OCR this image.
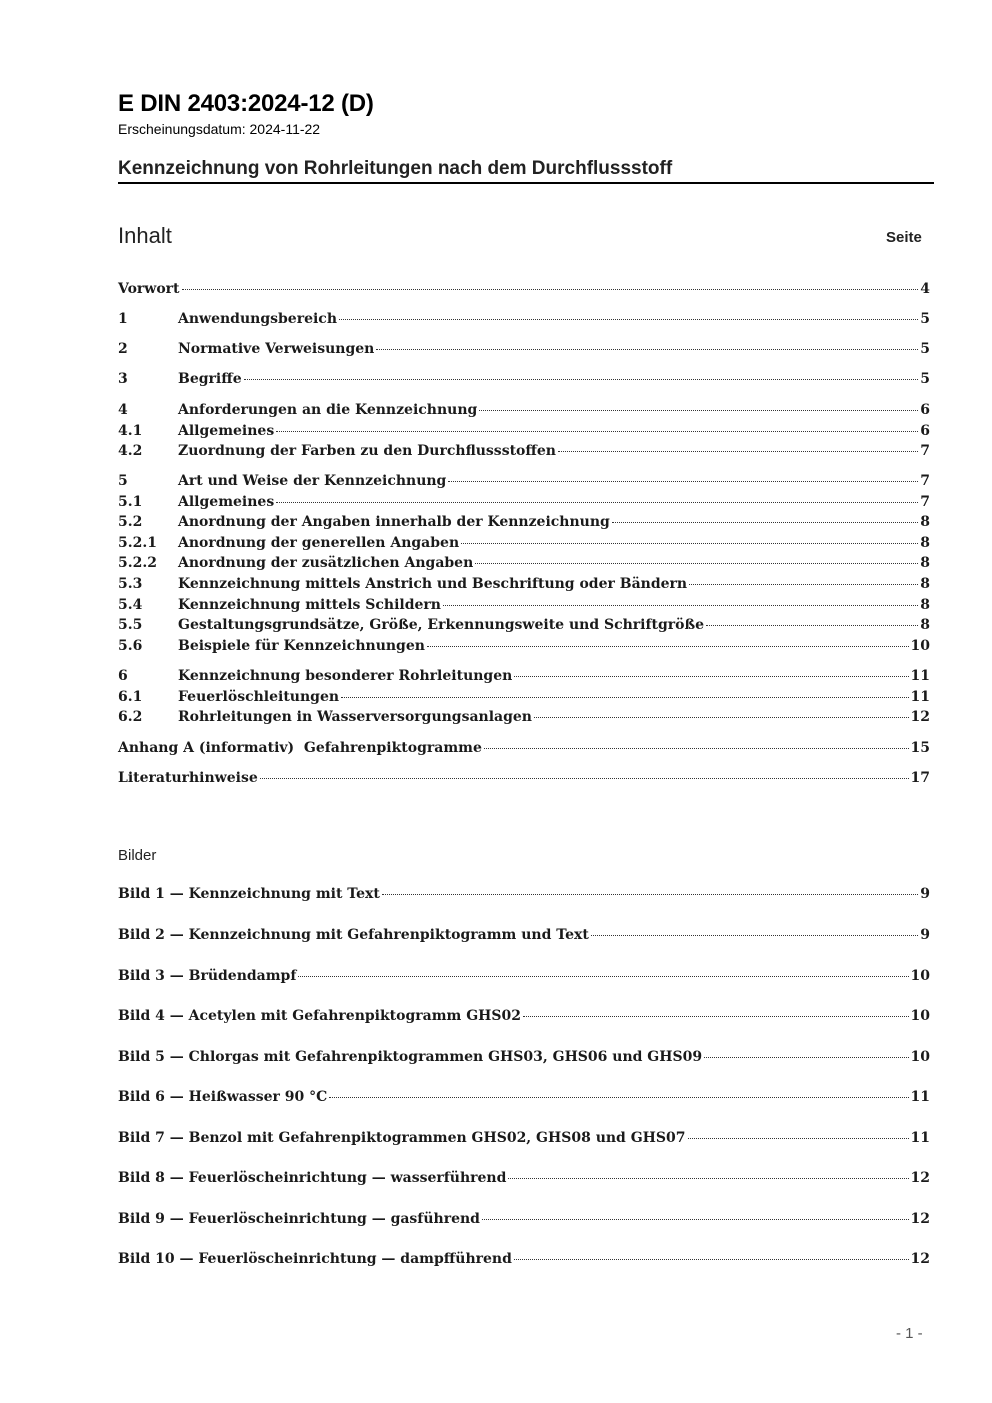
E DIN 2403:2024-12 (D)
Erscheinungsdatum: 2024-11-22
Kennzeichnung von Rohrleitungen nach dem Durchflussstoff
Inhalt	Seite
Vorwort	4
1	Anwendungsbereich	5
2	Normative Verweisungen	5
3	Begriffe	5
4	Anforderungen an die Kennzeichnung	6
4.1	Allgemeines	6
4.2	Zuordnung der Farben zu den Durchflussstoffen	7
5	Art und Weise der Kennzeichnung	7
5.1	Allgemeines	7
5.2	Anordnung der Angaben innerhalb der Kennzeichnung	8
5.2.1	Anordnung der generellen Angaben	8
5.2.2	Anordnung der zusätzlichen Angaben	8
5.3	Kennzeichnung mittels Anstrich und Beschriftung oder Bändern	8
5.4	Kennzeichnung mittels Schildern	8
5.5	Gestaltungsgrundsätze, Größe, Erkennungsweite und Schriftgröße	8
5.6	Beispiele für Kennzeichnungen	10
6	Kennzeichnung besonderer Rohrleitungen	11
6.1	Feuerlöschleitungen	11
6.2	Rohrleitungen in Wasserversorgungsanlagen	12
Anhang A (informativ)  Gefahrenpiktogramme	15
Literaturhinweise	17
Bilder
Bild 1 — Kennzeichnung mit Text	9
Bild 2 — Kennzeichnung mit Gefahrenpiktogramm und Text	9
Bild 3 — Brüdendampf	10
Bild 4 — Acetylen mit Gefahrenpiktogramm GHS02	10
Bild 5 — Chlorgas mit Gefahrenpiktogrammen GHS03, GHS06 und GHS09	10
Bild 6 — Heißwasser 90 °C	11
Bild 7 — Benzol mit Gefahrenpiktogrammen GHS02, GHS08 und GHS07	11
Bild 8 — Feuerlöscheinrichtung — wasserführend	12
Bild 9 — Feuerlöscheinrichtung — gasführend	12
Bild 10 — Feuerlöscheinrichtung — dampfführend	12
- 1 -
